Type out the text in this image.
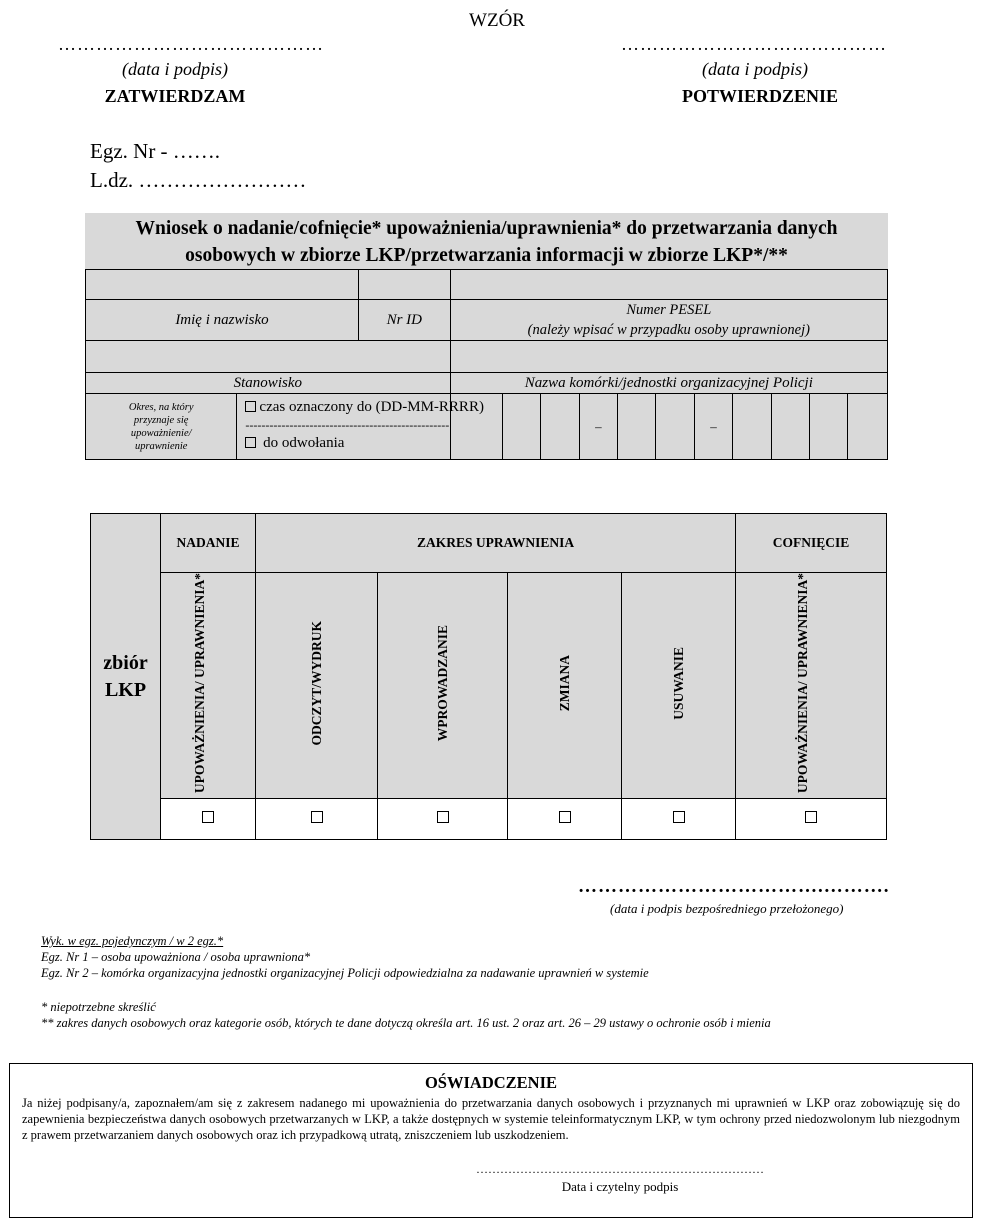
WZÓR
……………………………………
(data i podpis)
ZATWIERDZAM
……………………………………
(data i podpis)
POTWIERDZENIE
Egz. Nr - …….
L.dz. ……………………
Wniosek o nadanie/cofnięcie* upoważnienia/uprawnienia* do przetwarzania danych
osobowych w zbiorze LKP/przetwarzania informacji w zbiorze LKP*/**

Imię i nazwisko		Nr ID	Numer PESEL
(należy wpisać w przypadku osoby uprawnionej)										

Stanowisko			Nazwa komórki/jednostki organizacyjnej Policji										

Okres, na który przyznaje się upoważnienie/ uprawnienie	czas oznaczony do (DD-MM-RRRR)
---------------------------------------------------
do odwołania					–			–				
zbiór LKP	NADANIE	ZAKRES UPRAWNIENIA				COFNIĘCIE
	UPOWAŻNIENIA/ UPRAWNIENIA*	ODCZYT/WYDRUK	WPROWADZANIE	ZMIANA	USUWANIE	UPOWAŻNIENIA/ UPRAWNIENIA*

……………………………….……….
(data i podpis bezpośredniego przełożonego)
Wyk. w egz. pojedynczym / w 2 egz.*
Egz. Nr 1 – osoba upoważniona / osoba uprawniona*
Egz. Nr 2 – komórka organizacyjna jednostki organizacyjnej Policji odpowiedzialna za nadawanie uprawnień w systemie
* niepotrzebne skreślić
** zakres danych osobowych oraz kategorie osób, których te dane dotyczą określa art. 16 ust. 2 oraz art. 26 – 29 ustawy o ochronie osób i mienia
OŚWIADCZENIE
Ja niżej podpisany/a, zapoznałem/am się z zakresem nadanego mi upoważnienia do przetwarzania danych osobowych i przyznanych mi uprawnień w LKP oraz zobowiązuję się do zapewnienia bezpieczeństwa danych osobowych przetwarzanych w LKP, a także dostępnych w systemie teleinformatycznym LKP, w tym ochrony przed niedozwolonym lub niezgodnym z prawem przetwarzaniem danych osobowych oraz ich przypadkową utratą, zniszczeniem lub uszkodzeniem.
………………………………………………………………
Data i czytelny podpis
